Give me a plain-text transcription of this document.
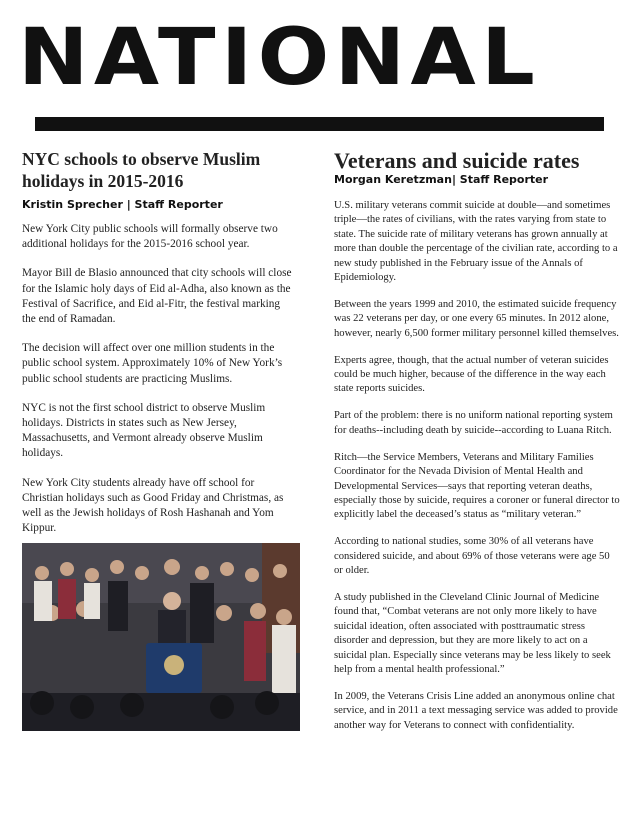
NATIONAL
NYC schools to observe Muslim holidays in 2015-2016
Kristin Sprecher | Staff Reporter

New York City public schools will formally observe two additional holidays for the 2015-2016 school year.

Mayor Bill de Blasio announced that city schools will close for the Islamic holy days of Eid al-Adha, also known as the Festival of Sacrifice, and Eid al-Fitr, the festival marking the end of Ramadan.

The decision will affect over one million students in the public school system. Approximately 10% of New York’s public school students are practicing Muslims.

NYC is not the first school district to observe Muslim holidays. Districts in states such as New Jersey, Massachusetts, and Vermont already observe Muslim holidays.

New York City students already have off school for Christian holidays such as Good Friday and Christmas, as well as the Jewish holidays of Rosh Hashanah and Yom Kippur.

Veterans and suicide rates
Morgan Keretzman| Staff Reporter

U.S. military veterans commit suicide at double—and sometimes triple—the rates of civilians, with the rates varying from state to state. The suicide rate of military veterans has grown annually at more than double the percentage of the civilian rate, according to a new study published in the February issue of the Annals of Epidemiology.

Between the years 1999 and 2010, the estimated suicide frequency was 22 veterans per day, or one every 65 minutes. In 2012 alone, however, nearly 6,500 former military personnel killed themselves.

Experts agree, though, that the actual number of veteran suicides could be much higher, because of the difference in the way each state reports suicides.

Part of the problem: there is no uniform national reporting system for deaths--including death by suicide--according to Luana Ritch.

Ritch—the Service Members, Veterans and Military Families Coordinator for the Nevada Division of Mental Health and Developmental Services—says that reporting veteran deaths, especially those by suicide, requires a coroner or funeral director to explicitly label the deceased’s status as “military veteran.”

According to national studies, some 30% of all veterans have considered suicide, and about 69% of those veterans were age 50 or older.

A study published in the Cleveland Clinic Journal of Medicine found that, “Combat veterans are not only more likely to have suicidal ideation, often associated with posttraumatic stress disorder and depression, but they are more likely to act on a suicidal plan. Especially since veterans may be less likely to seek help from a mental health professional.”

In 2009, the Veterans Crisis Line added an anonymous online chat service, and in 2011 a text messaging service was added to provide another way for Veterans to connect with confidentiality.
